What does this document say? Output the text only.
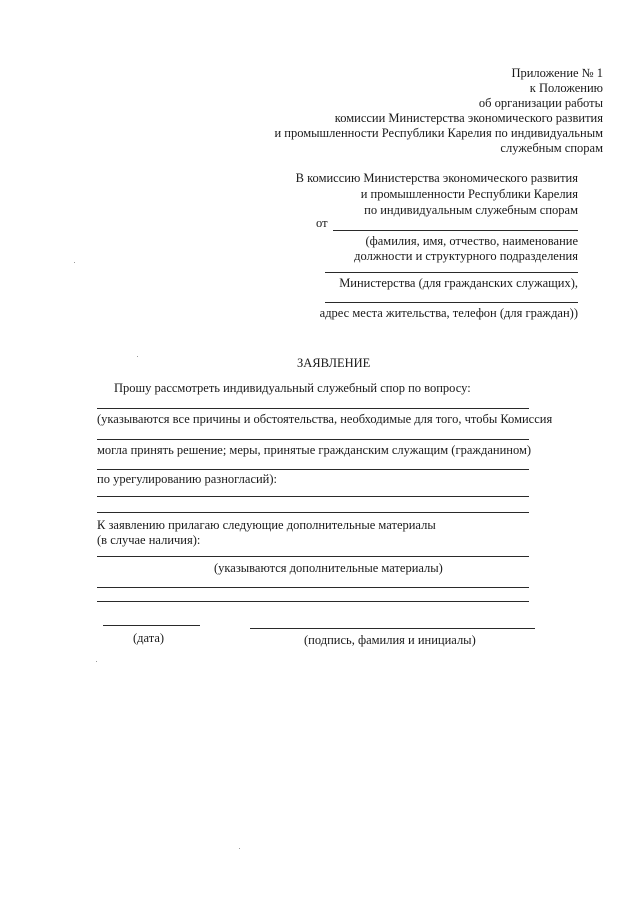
Приложение № 1
к Положению
об организации работы
комиссии Министерства экономического развития
и промышленности Республики Карелия по индивидуальным
служебным спорам
В комиссию Министерства экономического развития
и промышленности Республики Карелия
по индивидуальным служебным спорам
от
(фамилия, имя, отчество, наименование
должности и структурного подразделения
Министерства (для гражданских служащих),
адрес места жительства, телефон (для граждан))
ЗАЯВЛЕНИЕ
Прошу рассмотреть индивидуальный служебный спор по вопросу:
(указываются все причины и обстоятельства, необходимые для того, чтобы Комиссия
могла принять решение; меры, принятые гражданским служащим (гражданином)
по урегулированию разногласий):
К заявлению прилагаю следующие дополнительные материалы
(в случае наличия):
(указываются дополнительные материалы)
(дата)	(подпись, фамилия и инициалы)
